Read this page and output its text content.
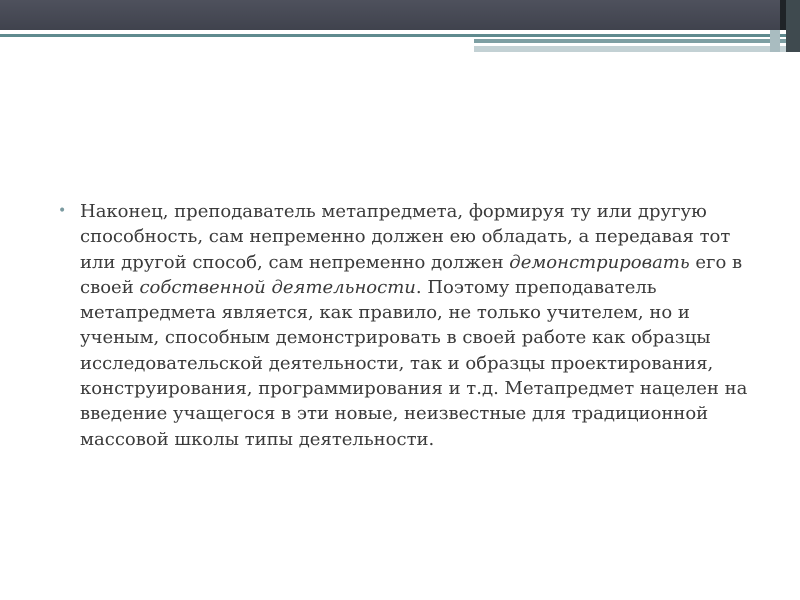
• Наконец, преподаватель метапредмета, формируя ту или другую способность, сам непременно должен ею обладать, а передавая тот или другой способ, сам непременно должен демонстрировать его в своей собственной деятельности. Поэтому преподаватель метапредмета является, как правило, не только учителем, но и ученым, способным демонстрировать в своей работе как образцы исследовательской деятельности, так и образцы проектирования, конструирования, программирования и т.д. Метапредмет нацелен на введение учащегося в эти новые, неизвестные для традиционной массовой школы типы деятельности.
